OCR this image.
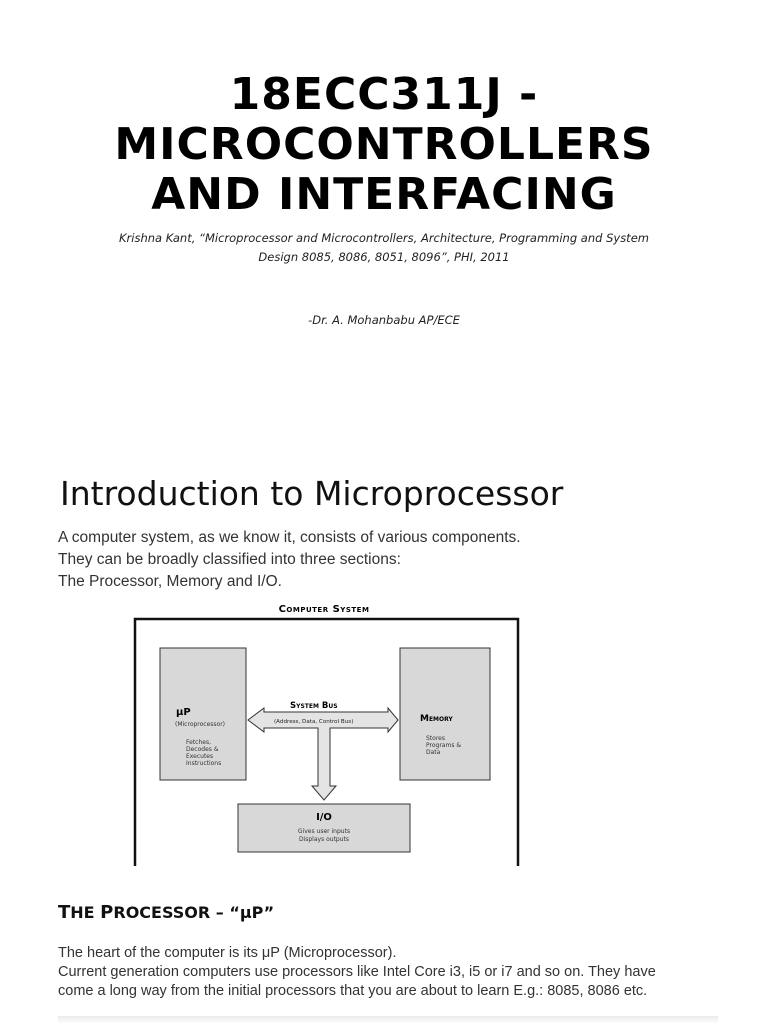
18ECC311J -
MICROCONTROLLERS
AND INTERFACING
Krishna Kant, “Microprocessor and Microcontrollers, Architecture, Programming and System
Design 8085, 8086, 8051, 8096”, PHI, 2011
-Dr. A. Mohanbabu AP/ECE
Introduction to Microprocessor
A computer system, as we know it, consists of various components.
They can be broadly classified into three sections:
The Processor, Memory and I/O.
Computer System
μP
(Microprocessor)
Fetches,
Decodes &
Executes
Instructions
Memory
Stores
Programs &
Data
System Bus
(Address, Data, Control Bus)
I/O
Gives user inputs
Displays outputs
THE PROCESSOR – “μP”
The heart of the computer is its μP (Microprocessor).
Current generation computers use processors like Intel Core i3, i5 or i7 and so on. They have
come a long way from the initial processors that you are about to learn E.g.: 8085, 8086 etc.
